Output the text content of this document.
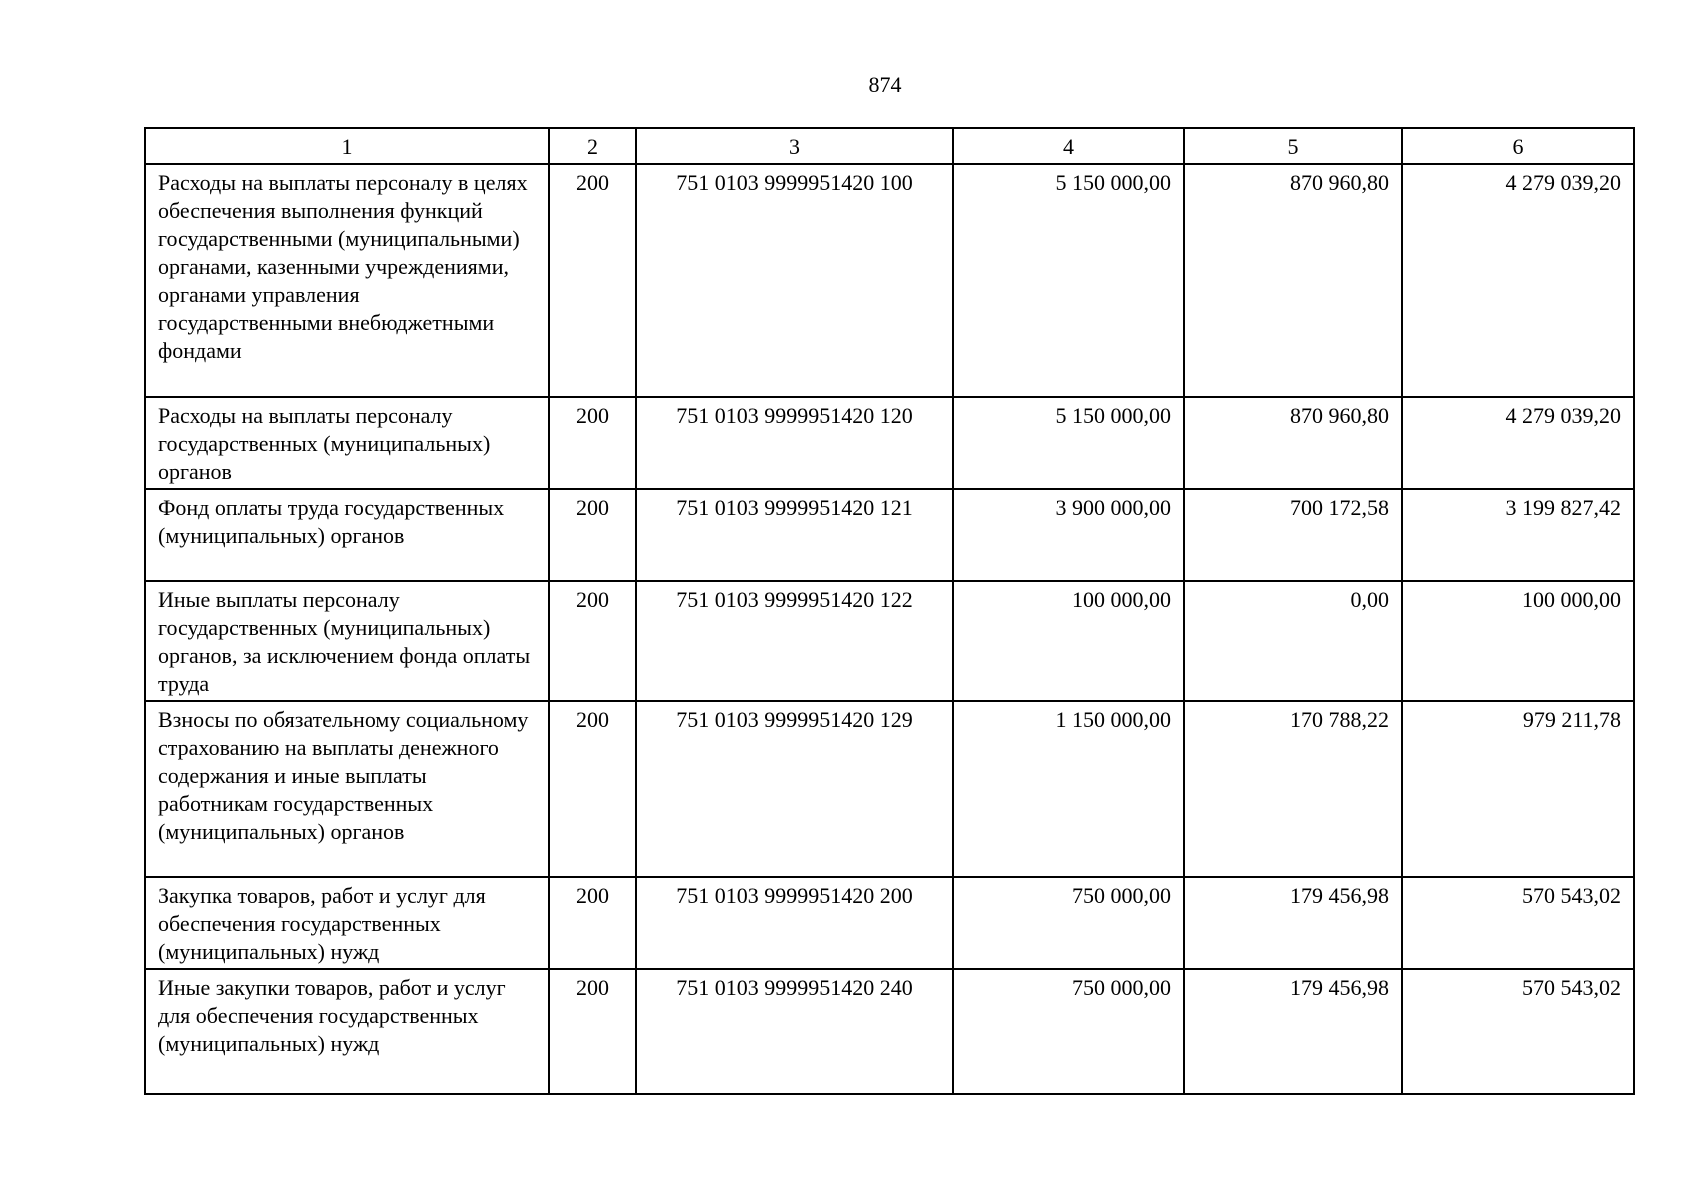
874
1	2	3	4	5	6
Расходы на выплаты персоналу в целях обеспечения выполнения функций государственными (муниципальными) органами, казенными учреждениями, органами управления государственными внебюджетными фондами	200	751 0103 9999951420 100	5 150 000,00	870 960,80	4 279 039,20
Расходы на выплаты персоналу государственных (муниципальных) органов	200	751 0103 9999951420 120	5 150 000,00	870 960,80	4 279 039,20
Фонд оплаты труда государственных (муниципальных) органов	200	751 0103 9999951420 121	3 900 000,00	700 172,58	3 199 827,42
Иные выплаты персоналу государственных (муниципальных) органов, за исключением фонда оплаты труда	200	751 0103 9999951420 122	100 000,00	0,00	100 000,00
Взносы по обязательному социальному страхованию на выплаты денежного содержания и иные выплаты работникам государственных (муниципальных) органов	200	751 0103 9999951420 129	1 150 000,00	170 788,22	979 211,78
Закупка товаров, работ и услуг для обеспечения государственных (муниципальных) нужд	200	751 0103 9999951420 200	750 000,00	179 456,98	570 543,02
Иные закупки товаров, работ и услуг для обеспечения государственных (муниципальных) нужд	200	751 0103 9999951420 240	750 000,00	179 456,98	570 543,02
